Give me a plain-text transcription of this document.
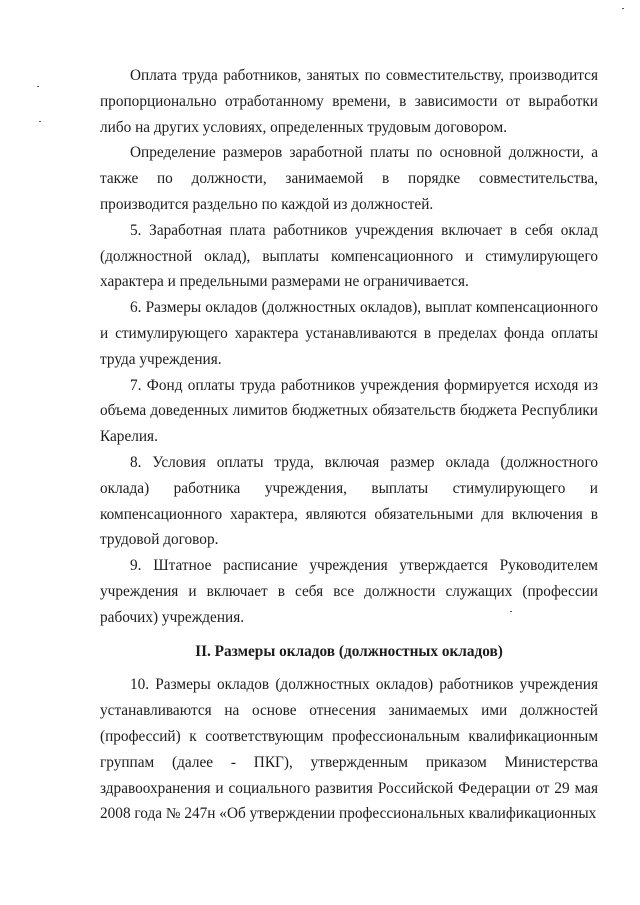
Оплата труда работников, занятых по совместительству, производится пропорционально отработанному времени, в зависимости от выработки либо на других условиях, определенных трудовым договором.

Определение размеров заработной платы по основной должности, а также по должности, занимаемой в порядке совместительства, производится раздельно по каждой из должностей.

5. Заработная плата работников учреждения включает в себя оклад (должностной оклад), выплаты компенсационного и стимулирующего характера и предельными размерами не ограничивается.

6. Размеры окладов (должностных окладов), выплат компенсационного и стимулирующего характера устанавливаются в пределах фонда оплаты труда учреждения.

7. Фонд оплаты труда работников учреждения формируется исходя из объема доведенных лимитов бюджетных обязательств бюджета Республики Карелия.

8. Условия оплаты труда, включая размер оклада (должностного оклада) работника учреждения, выплаты стимулирующего и компенсационного характера, являются обязательными для включения в трудовой договор.

9. Штатное расписание учреждения утверждается Руководителем учреждения и включает в себя все должности служащих (профессии рабочих) учреждения.

II. Размеры окладов (должностных окладов)

10. Размеры окладов (должностных окладов) работников учреждения устанавливаются на основе отнесения занимаемых ими должностей (профессий) к соответствующим профессиональным квалификационным группам (далее - ПКГ), утвержденным приказом Министерства здравоохранения и социального развития Российской Федерации от 29 мая 2008 года № 247н «Об утверждении профессиональных квалификационных
